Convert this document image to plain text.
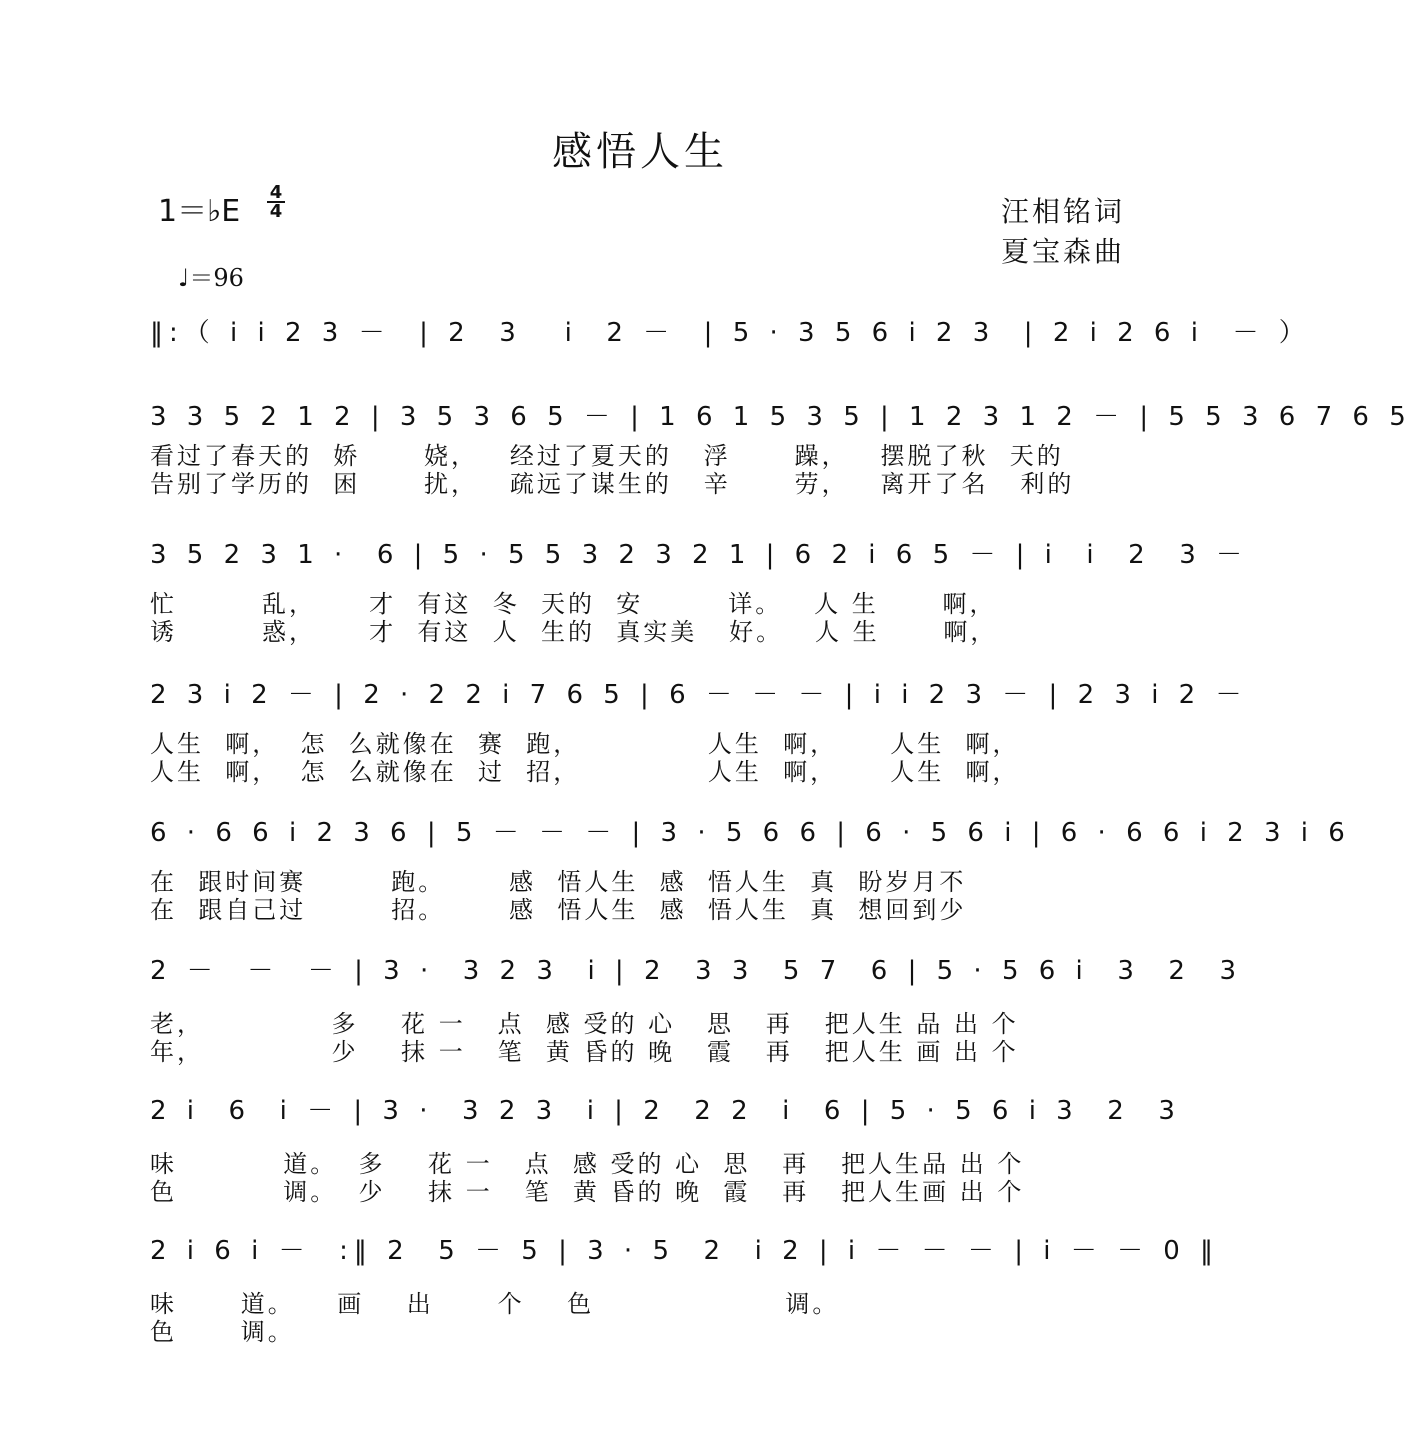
感悟人生
1＝♭E
4
4
♩＝96
汪相铭词
夏宝森曲
‖:（ i i 2 3 －  | 2  3   i  2 －  | 5 · 3 5 6 i 2 3  | 2 i 2 6 i  － ）
3 3 5 2 1 2 | 3 5 3 6 5 － | 1 6 1 5 3 5 | 1 2 3 1 2 － | 5 5 3 6 7 6 5
看过了春天的  娇      娆，   经过了夏天的   浮      躁，   摆脱了秋  天的
告别了学历的  困      扰，   疏远了谋生的   辛      劳，   离开了名   利的
3 5 2 3 1 ·  6 | 5 · 5 5 3 2 3 2 1 | 6 2 i 6 5 － | i  i  2  3 －
忙        乱，     才  有这  冬  天的  安        详。   人 生      啊，
诱        惑，     才  有这  人  生的  真实美   好。   人 生      啊，
2 3 i 2 － | 2 · 2 2 i 7 6 5 | 6 － － － | i i 2 3 － | 2 3 i 2 －
人生  啊，  怎  么就像在  赛  跑，            人生  啊，     人生  啊，
人生  啊，  怎  么就像在  过  招，            人生  啊，     人生  啊，
6 · 6 6 i 2 3 6 | 5 － － － | 3 · 5 6 6 | 6 · 5 6 i | 6 · 6 6 i 2 3 i 6
在  跟时间赛        跑。      感  悟人生  感  悟人生  真  盼岁月不
在  跟自己过        招。      感  悟人生  感  悟人生  真  想回到少
2 －  －  － | 3 ·  3 2 3  i | 2  3 3  5 7  6 | 5 · 5 6 i  3  2  3
老，            多    花 一   点  感 受的 心   思   再   把人生 品 出 个
年，            少    抹 一   笔  黄 昏的 晚   霞   再   把人生 画 出 个
2 i  6  i － | 3 ·  3 2 3  i | 2  2 2  i  6 | 5 · 5 6 i 3  2  3
味          道。  多    花 一   点  感 受的 心  思   再   把人生品 出 个
色          调。  少    抹 一   笔  黄 昏的 晚  霞   再   把人生画 出 个
2 i 6 i －  :‖ 2  5 － 5 | 3 · 5  2  i 2 | i － － － | i － － 0 ‖
味      道。    画    出      个    色                  调。
色      调。
